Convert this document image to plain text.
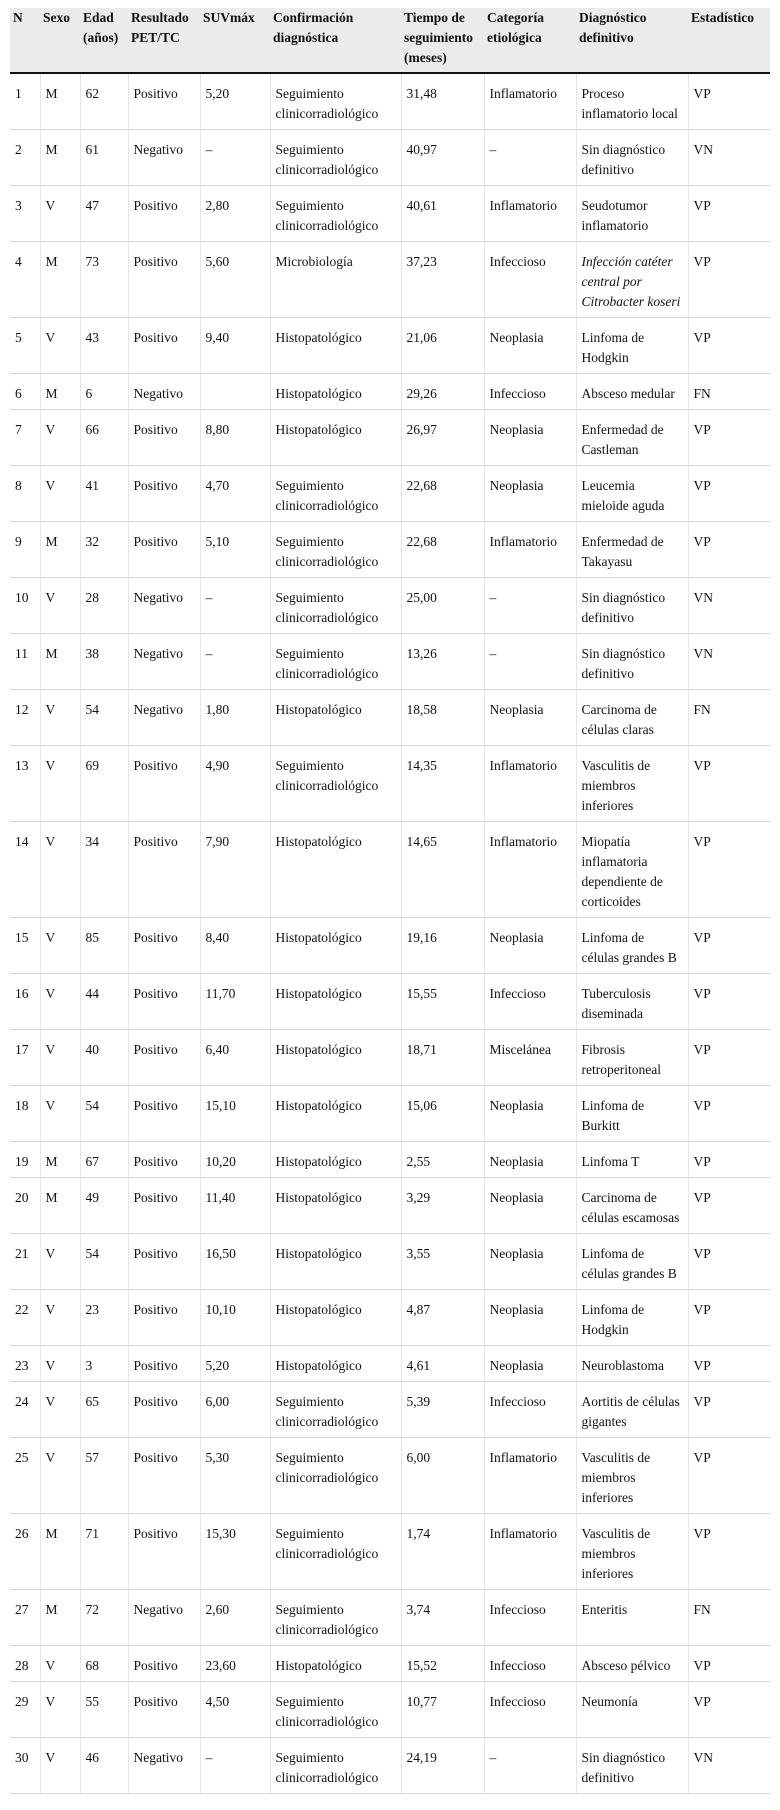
N	Sexo	Edad (años)	Resultado PET/TC	SUVmáx	Confirmación diagnóstica	Tiempo de seguimiento (meses)	Categoría etiológica	Diagnóstico definitivo	Estadístico
1	M	62	Positivo	5,20	Seguimiento clinicorradiológico	31,48	Inflamatorio	Proceso inflamatorio local	VP
2	M	61	Negativo	–	Seguimiento clinicorradiológico	40,97	–	Sin diagnóstico definitivo	VN
3	V	47	Positivo	2,80	Seguimiento clinicorradiológico	40,61	Inflamatorio	Seudotumor inflamatorio	VP
4	M	73	Positivo	5,60	Microbiología	37,23	Infeccioso	Infección catéter central por Citrobacter koseri	VP
5	V	43	Positivo	9,40	Histopatológico	21,06	Neoplasia	Linfoma de Hodgkin	VP
6	M	6	Negativo		Histopatológico	29,26	Infeccioso	Absceso medular	FN
7	V	66	Positivo	8,80	Histopatológico	26,97	Neoplasia	Enfermedad de Castleman	VP
8	V	41	Positivo	4,70	Seguimiento clinicorradiológico	22,68	Neoplasia	Leucemia mieloide aguda	VP
9	M	32	Positivo	5,10	Seguimiento clinicorradiológico	22,68	Inflamatorio	Enfermedad de Takayasu	VP
10	V	28	Negativo	–	Seguimiento clinicorradiológico	25,00	–	Sin diagnóstico definitivo	VN
11	M	38	Negativo	–	Seguimiento clinicorradiológico	13,26	–	Sin diagnóstico definitivo	VN
12	V	54	Negativo	1,80	Histopatológico	18,58	Neoplasia	Carcinoma de células claras	FN
13	V	69	Positivo	4,90	Seguimiento clinicorradiológico	14,35	Inflamatorio	Vasculitis de miembros inferiores	VP
14	V	34	Positivo	7,90	Histopatológico	14,65	Inflamatorio	Miopatía inflamatoria dependiente de corticoides	VP
15	V	85	Positivo	8,40	Histopatológico	19,16	Neoplasia	Linfoma de células grandes B	VP
16	V	44	Positivo	11,70	Histopatológico	15,55	Infeccioso	Tuberculosis diseminada	VP
17	V	40	Positivo	6,40	Histopatológico	18,71	Miscelánea	Fibrosis retroperitoneal	VP
18	V	54	Positivo	15,10	Histopatológico	15,06	Neoplasia	Linfoma de Burkitt	VP
19	M	67	Positivo	10,20	Histopatológico	2,55	Neoplasia	Linfoma T	VP
20	M	49	Positivo	11,40	Histopatológico	3,29	Neoplasia	Carcinoma de células escamosas	VP
21	V	54	Positivo	16,50	Histopatológico	3,55	Neoplasia	Linfoma de células grandes B	VP
22	V	23	Positivo	10,10	Histopatológico	4,87	Neoplasia	Linfoma de Hodgkin	VP
23	V	3	Positivo	5,20	Histopatológico	4,61	Neoplasia	Neuroblastoma	VP
24	V	65	Positivo	6,00	Seguimiento clinicorradiológico	5,39	Infeccioso	Aortitis de células gigantes	VP
25	V	57	Positivo	5,30	Seguimiento clinicorradiológico	6,00	Inflamatorio	Vasculitis de miembros inferiores	VP
26	M	71	Positivo	15,30	Seguimiento clinicorradiológico	1,74	Inflamatorio	Vasculitis de miembros inferiores	VP
27	M	72	Negativo	2,60	Seguimiento clinicorradiológico	3,74	Infeccioso	Enteritis	FN
28	V	68	Positivo	23,60	Histopatológico	15,52	Infeccioso	Absceso pélvico	VP
29	V	55	Positivo	4,50	Seguimiento clinicorradiológico	10,77	Infeccioso	Neumonía	VP
30	V	46	Negativo	–	Seguimiento clinicorradiológico	24,19	–	Sin diagnóstico definitivo	VN
